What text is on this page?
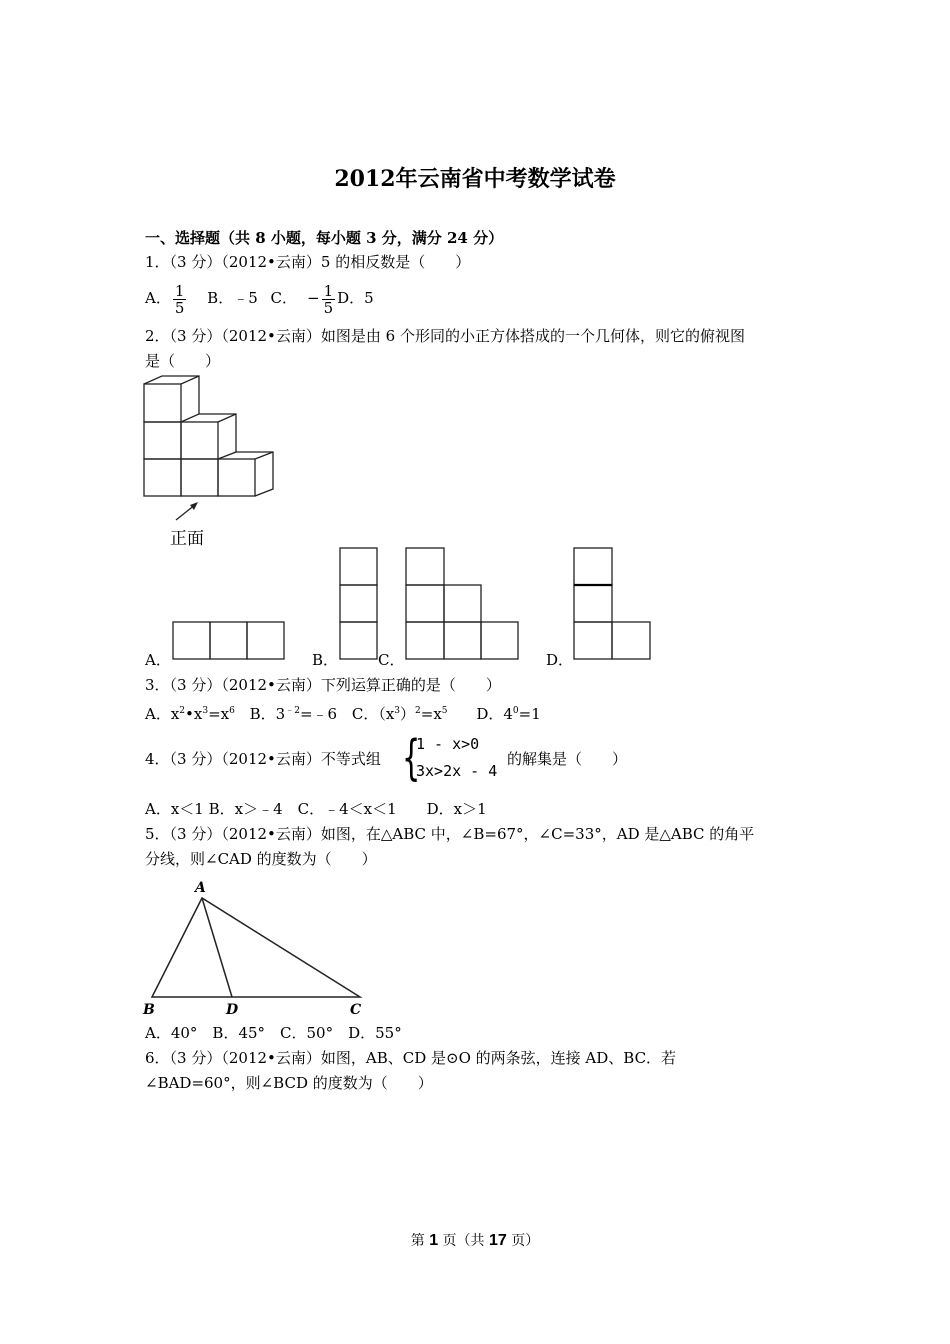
2012年云南省中考数学试卷
一、选择题（共 8 小题，每小题 3 分，满分 24 分）
1．（3 分）（2012•云南）5 的相反数是（　　）
A． $\frac{1}{5}$ B．﹣5 C． − $\frac{1}{5}$ D．5
2．（3 分）（2012•云南）如图是由 6 个形同的小正方体搭成的一个几何体，则它的俯视图
是（　　）
正面
A．	B．	C．	D．
3．（3 分）（2012•云南）下列运算正确的是（　　）
A．$x^2•x^3=x^6$ B．$3^{﹣2}=﹣6$ C．$(x^3)^2=x^5$ D．$4^0=1$
4．（3 分）（2012•云南）不等式组 {
1 - x>0
3x>2x - 4
的解集是（　　）
A．x＜1 B．x＞﹣4　C．﹣4＜x＜1　　D．x＞1
5．（3 分）（2012•云南）如图，在△ABC 中，∠B=67°，∠C=33°，AD 是△ABC 的角平
分线，则∠CAD 的度数为（　　）
A
B	D	C
A．40°　B．45°　C．50°　D．55°
6．（3 分）（2012•云南）如图，AB、CD 是⊙O 的两条弦，连接 AD、BC．若
∠BAD=60°，则∠BCD 的度数为（　　）
第 1 页（共 17 页）
